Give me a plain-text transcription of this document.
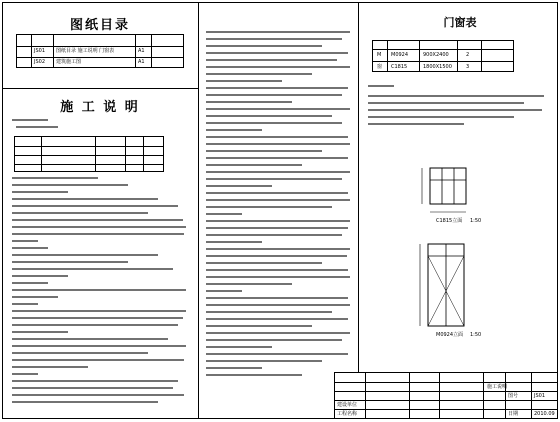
图纸目录
JS01 图纸目录 施工说明 门窗表	A1
JS02 建筑施工图	A1
施 工 说 明
门窗表
M M0924	900X2400	2
窗 C1815	1800X1500	3
C1815立面 1:50
M0924立面 1:50
建设单位
工程名称
施工说明
图号	JS01
日期	2010.09
